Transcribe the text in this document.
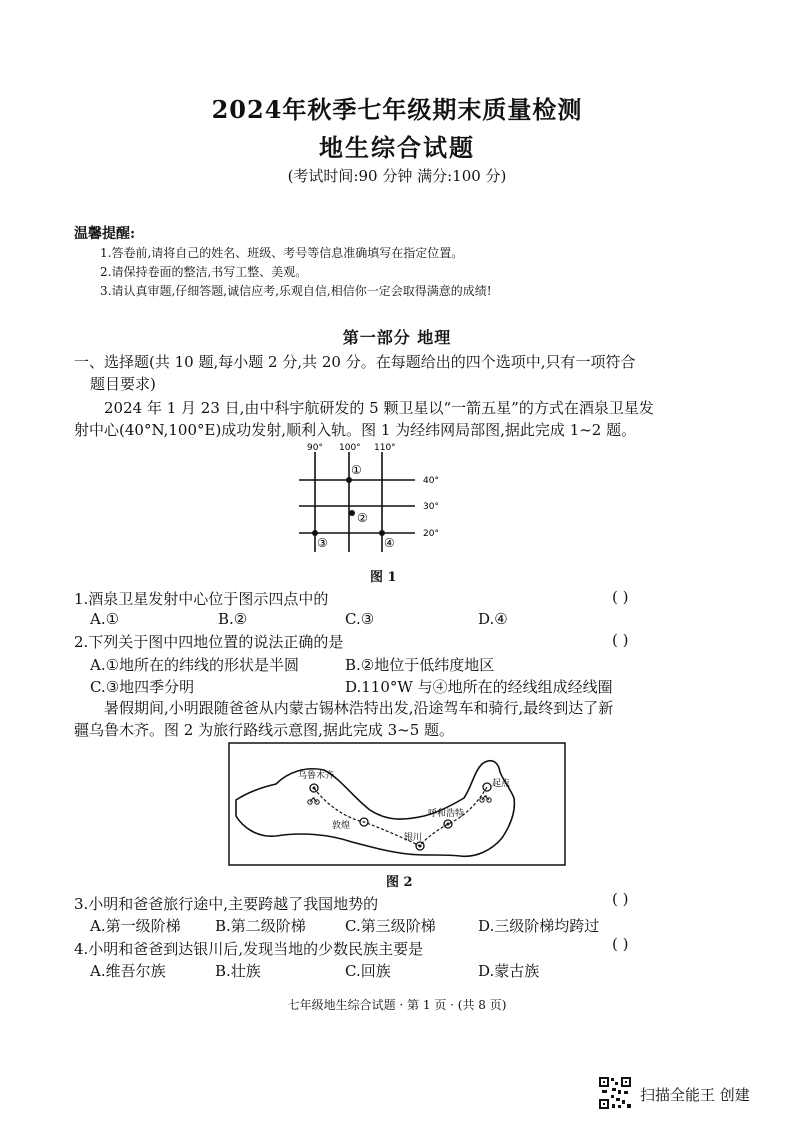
2024年秋季七年级期末质量检测
地生综合试题
(考试时间:90 分钟 满分:100 分)
温馨提醒:
1.答卷前,请将自己的姓名、班级、考号等信息准确填写在指定位置。
2.请保持卷面的整洁,书写工整、美观。
3.请认真审题,仔细答题,诚信应考,乐观自信,相信你一定会取得满意的成绩!
第一部分 地理
一、选择题(共 10 题,每小题 2 分,共 20 分。在每题给出的四个选项中,只有一项符合
题目要求)
2024 年 1 月 23 日,由中科宇航研发的 5 颗卫星以“一箭五星”的方式在酒泉卫星发
射中心(40°N,100°E)成功发射,顺利入轨。图 1 为经纬网局部图,据此完成 1~2 题。
90° 100° 110°
40°
30°
20°
①
②
③	④
图 1
1.酒泉卫星发射中心位于图示四点中的	( )
A.①	B.②	C.③	D.④
2.下列关于图中四地位置的说法正确的是	( )
A.①地所在的纬线的形状是半圆	B.②地位于低纬度地区
C.③地四季分明	D.110°W 与④地所在的经线组成经线圈
暑假期间,小明跟随爸爸从内蒙古锡林浩特出发,沿途驾车和骑行,最终到达了新
疆乌鲁木齐。图 2 为旅行路线示意图,据此完成 3~5 题。
乌鲁木齐
起点
呼和浩特
敦煌
银川
图 2
3.小明和爸爸旅行途中,主要跨越了我国地势的	( )
A.第一级阶梯 B.第二级阶梯	C.第三级阶梯	D.三级阶梯均跨过
4.小明和爸爸到达银川后,发现当地的少数民族主要是	( )
A.维吾尔族	B.壮族	C.回族	D.蒙古族
七年级地生综合试题 · 第 1 页 · (共 8 页)
扫描全能王 创建
